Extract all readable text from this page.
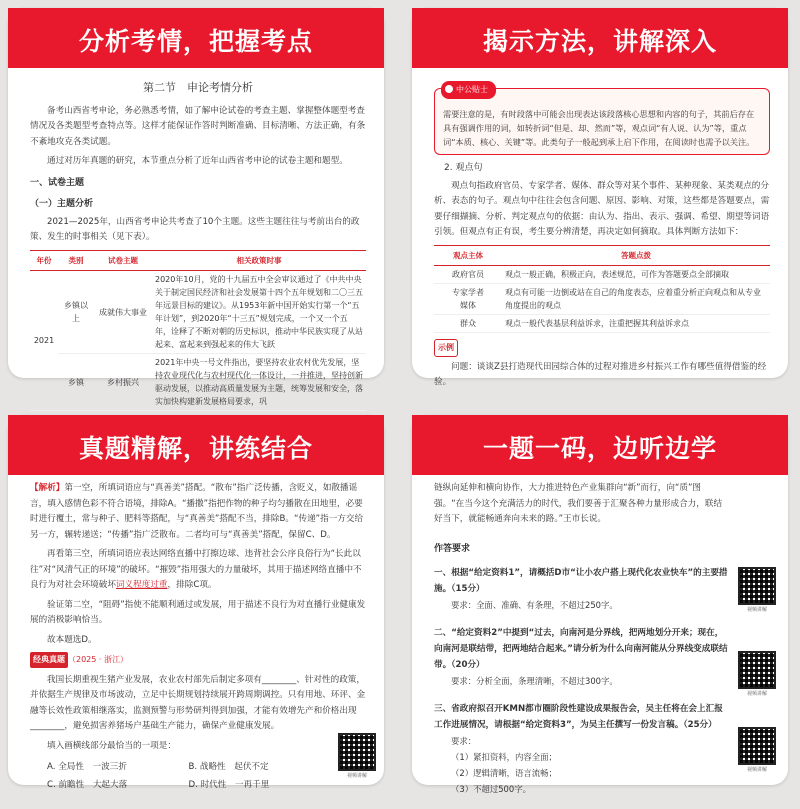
分析考情，把握考点
第二节　申论考情分析

备考山西省考申论，务必熟悉考情，如了解申论试卷的考查主题、掌握整体题型考查情况及各类题型考查特点等。这样才能保证作答时判断准确、目标清晰、方法正确，有条不紊地攻克各类试题。

通过对历年真题的研究，本节重点分析了近年山西省考申论的试卷主题和题型。

一、试卷主题
（一）主题分析

2021—2025年，山西省考申论共考查了10个主题。这些主题往往与考前出台的政策、发生的时事相关（见下表）。

年份	类别	试卷主题	相关政策时事
2021	乡镇以上	成就伟大事业	2020年10月，党的十九届五中全会审议通过了《中共中央关于制定国民经济和社会发展第十四个五年规划和二〇三五年远景目标的建议》。从1953年新中国开始实行第一个“五年计划”，到2020年“十三五”规划完成，一个又一个五年，诠释了不断对朝的历史标识，推动中华民族实现了从站起来、富起来到强起来的伟大飞跃
	乡镇	乡村振兴	2021年中央一号文件指出，要坚持农业农村优先发展，坚持农业现代化与农村现代化一体设计，一并推进，坚持创新驱动发展，以推动高质量发展为主题，统筹发展和安全，落实加快构建新发展格局要求，巩
揭示方法，讲解深入
中公贴士
需要注意的是，有时段落中可能会出现表达该段落核心思想和内容的句子，其前后存在具有强调作用的词，如转折词“但是、却、然而”等，观点词“有人说、认为”等，重点词“本质、核心、关键”等。此类句子一般起到承上启下作用，在阅读时也需予以关注。
2. 观点句

观点句指政府官员、专家学者、媒体、群众等对某个事件、某种现象、某类观点的分析、表态的句子。观点句中往往会包含问题、原因、影响、对策，这些都是答题要点，需要仔细撷摘、分析、判定观点句的依据：由认为、指出、表示、强调、希望、期望等词语引领。但观点有正有误，考生要分辨清楚，再决定如何摘取。具体判断方法如下：

观点主体	答题点拨
政府官员	观点一般正确，积极正向，表述规范，可作为答题要点全部摘取
专家学者
媒体	观点有可能一边倒或站在自己的角度表态，应着重分析正向观点和从专业角度提出的观点
群众	观点一般代表基层利益诉求，注重把握其利益诉求点
示例

问题：谈谈Z县打造现代田园综合体的过程对推进乡村振兴工作有哪些值得借鉴的经验。

真题精解，讲练结合

【解析】第一空，所填词语应与“真善美”搭配。“散布”指广泛传播，含贬义，如散播谣言，填入感情色彩不符合语境，排除A。“播撒”指把作物的种子均匀播散在田地里，必要时进行覆土，常与种子、肥料等搭配，与“真善美”搭配不当，排除B。“传递”指一方交给另一方，辗转递送；“传播”指广泛散布。二者均可与“真善美”搭配，保留C、D。

再看第三空，所填词语应表达网络直播中打擦边球、违背社会公序良俗行为“长此以往”对“风清气正的环境”的破坏。“摧毁”指用强大的力量破坏，其用于描述网络直播中不良行为对社会环境破坏词义程度过重，排除C项。

验证第二空，“阻碍”指使不能顺利通过或发展，用于描述不良行为对直播行业健康发展的消极影响恰当。

故本题选D。

经典真题 （2025 · 浙江）

我国长期重视生猪产业发展，农业农村部先后制定多项有________、针对性的政策，并依据生产规律及市场波动，立足中长期规划持续展开跨周期调控。只有用地、环评、金融等长效性政策相继落实，监测预警与形势研判得到加强，才能有效增先产和价格出现________，避免损害养猪场户基础生产能力，确保产业健康发展。

填入画横线部分最恰当的一项是：

A. 全局性　一波三折	B. 战略性　起伏不定
C. 前瞻性　大起大落	D. 时代性　一再千里
视频讲解
一题一码，边听边学

链纵向延伸和横向协作，大力推进特色产业集群向“新”而行，向“质”图强。“在当今这个充满活力的时代，我们要善于汇聚各种力量形成合力，联结好当下，就能畅通奔向未来的路。”王市长说。

作答要求
一、根据“给定资料1”，请概括D市“让小农户搭上现代化农业快车”的主要措施。（15分）
要求：全面、准确、有条理，不超过250字。
二、“给定资料2”中提到“过去，向南河是分界线，把两地划分开来；现在，向南河是联结带，把两地结合起来。”请分析为什么向南河能从分界线变成联结带。（20分）
要求：分析全面，条理清晰，不超过300字。
三、省政府拟召开KMN都市圈阶段性建设成果报告会，吴主任将在会上汇报工作进展情况，请根据“给定资料3”，为吴主任撰写一份发言稿。（25分）
要求：
（1）紧扣资料，内容全面；
（2）逻辑清晰，语言流畅；
（3）不超过500字。
视频讲解
视频讲解
视频讲解
